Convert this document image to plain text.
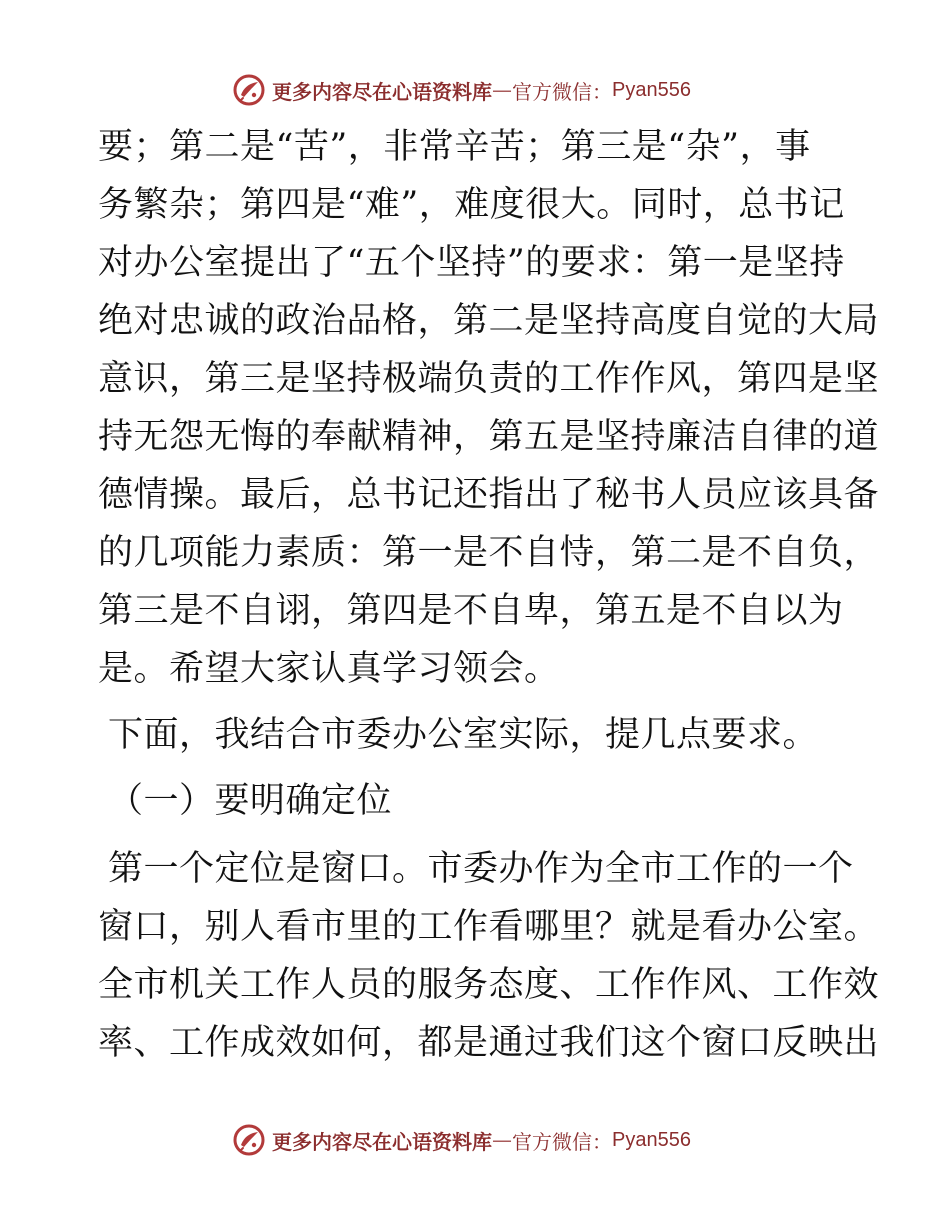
更多内容尽在心语资料库 — 官方微信： Pyan556

要；第二是“苦”，非常辛苦；第三是“杂”，事
务繁杂；第四是“难”，难度很大。同时，总书记
对办公室提出了“五个坚持”的要求：第一是坚持
绝对忠诚的政治品格，第二是坚持高度自觉的大局
意识，第三是坚持极端负责的工作作风，第四是坚
持无怨无悔的奉献精神，第五是坚持廉洁自律的道
德情操。最后，总书记还指出了秘书人员应该具备
的几项能力素质：第一是不自恃，第二是不自负，
第三是不自诩，第四是不自卑，第五是不自以为
是。希望大家认真学习领会。

下面，我结合市委办公室实际，提几点要求。

（一）要明确定位

第一个定位是窗口。市委办作为全市工作的一个
窗口，别人看市里的工作看哪里？就是看办公室。
全市机关工作人员的服务态度、工作作风、工作效
率、工作成效如何，都是通过我们这个窗口反映出

更多内容尽在心语资料库 — 官方微信： Pyan556
